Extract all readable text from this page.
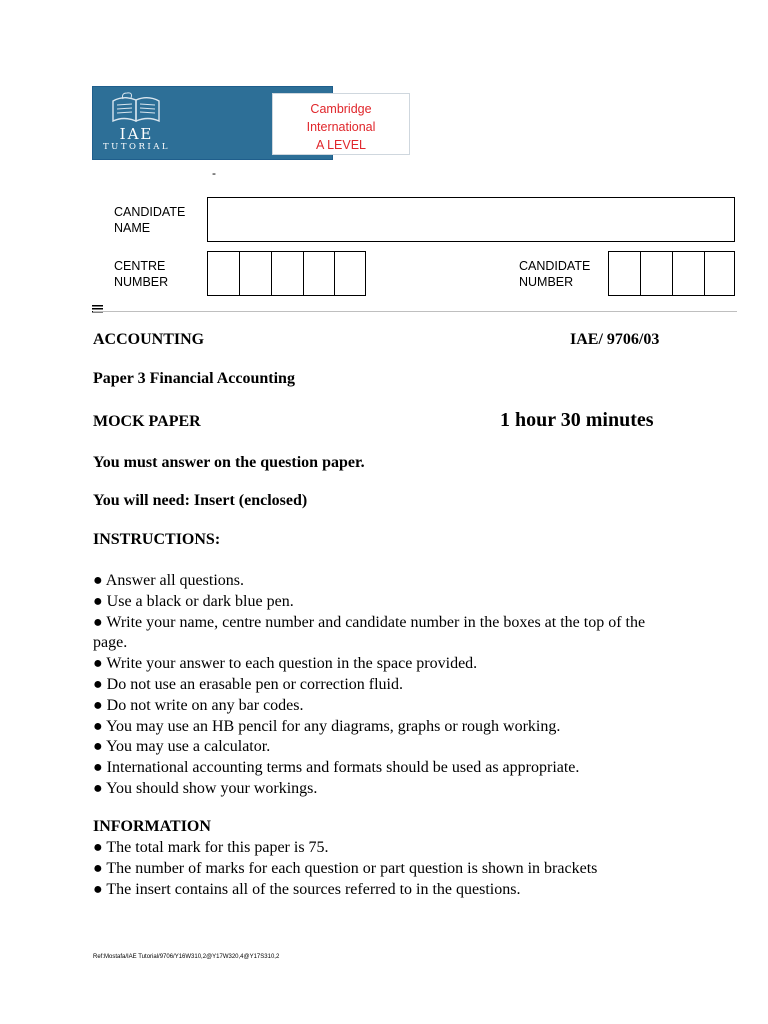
IAE
TUTORIAL
Cambridge
International
A LEVEL
-
CANDIDATE
NAME
CENTRE
NUMBER
CANDIDATE
NUMBER
ACCOUNTING	IAE/ 9706/03
Paper 3 Financial Accounting
MOCK PAPER	1 hour 30 minutes
You must answer on the question paper.
You will need: Insert (enclosed)
INSTRUCTIONS:
● Answer all questions.
● Use a black or dark blue pen.
● Write your name, centre number and candidate number in the boxes at the top of the page.
● Write your answer to each question in the space provided.
● Do not use an erasable pen or correction fluid.
● Do not write on any bar codes.
● You may use an HB pencil for any diagrams, graphs or rough working.
● You may use a calculator.
● International accounting terms and formats should be used as appropriate.
● You should show your workings.
INFORMATION
● The total mark for this paper is 75.
● The number of marks for each question or part question is shown in brackets
● The insert contains all of the sources referred to in the questions.
Ref:Mostafa/IAE Tutorial/9706/Y16W310,2@Y17W320,4@Y17S310,2
